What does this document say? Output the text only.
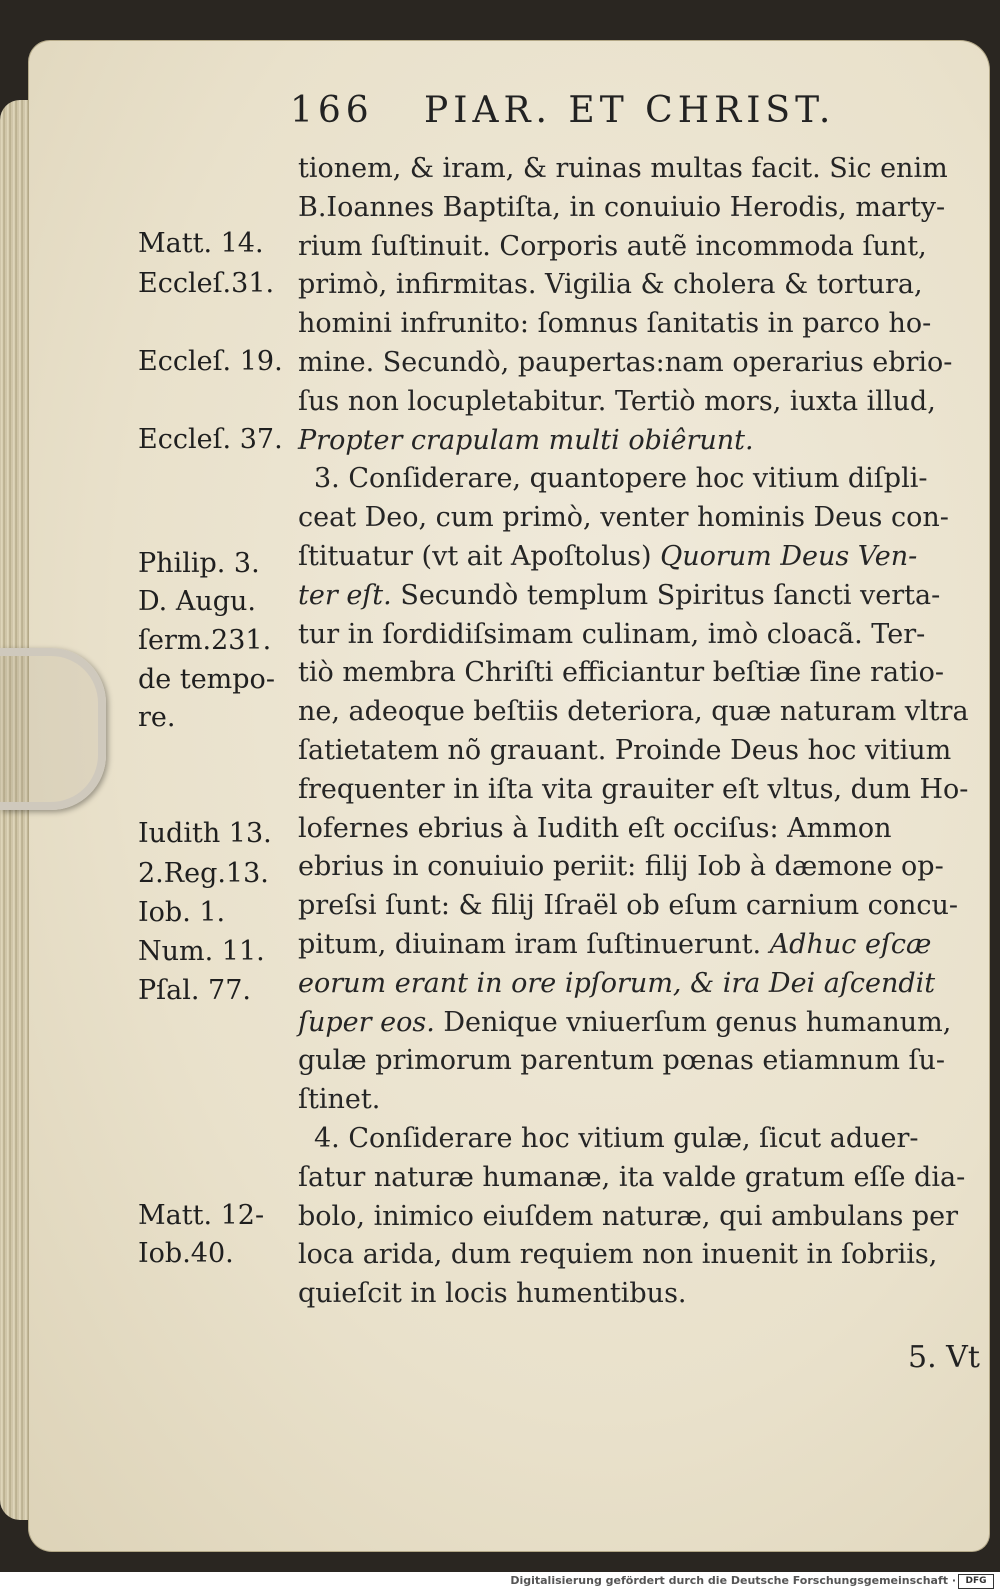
166 PIAR. ET CHRIST.
Matt. 14.
Eccleſ.31.
Eccleſ. 19.
Eccleſ. 37.
Philip. 3.
D. Augu.
ſerm.231.
de tempo-
re.
Iudith 13.
2.Reg.13.
Iob. 1.
Num. 11.
Pſal. 77.
Matt. 12-
Iob.40.
tionem, & iram, & ruinas multas facit. Sic enim
B.Ioannes Baptiſta, in conuiuio Herodis, marty-
rium ſuſtinuit. Corporis autẽ incommoda ſunt,
primò, infirmitas. Vigilia & cholera & tortura,
homini infrunito: ſomnus ſanitatis in parco ho-
mine. Secundò, paupertas:nam operarius ebrio-
ſus non locupletabitur. Tertiò mors, iuxta illud,
Propter crapulam multi obiêrunt.
3. Conſiderare, quantopere hoc vitium diſpli-
ceat Deo, cum primò, venter hominis Deus con-
ſtituatur (vt ait Apoſtolus) Quorum Deus Ven-
ter eſt. Secundò templum Spiritus ſancti verta-
tur in ſordidiſsimam culinam, imò cloacã. Ter-
tiò membra Chriſti efficiantur beſtiæ ſine ratio-
ne, adeoque beſtiis deteriora, quæ naturam vltra
ſatietatem nõ grauant. Proinde Deus hoc vitium
frequenter in iſta vita grauiter eſt vltus, dum Ho-
lofernes ebrius à Iudith eſt occiſus: Ammon
ebrius in conuiuio periit: filij Iob à dæmone op-
preſsi ſunt: & filij Iſraël ob eſum carnium concu-
pitum, diuinam iram ſuſtinuerunt. Adhuc eſcæ
eorum erant in ore ipſorum, & ira Dei aſcendit
ſuper eos. Denique vniuerſum genus humanum,
gulæ primorum parentum pœnas etiamnum ſu-
ſtinet.
4. Conſiderare hoc vitium gulæ, ſicut aduer-
ſatur naturæ humanæ, ita valde gratum eſſe dia-
bolo, inimico eiuſdem naturæ, qui ambulans per
loca arida, dum requiem non inuenit in ſobriis,
quieſcit in locis humentibus.
5. Vt
Digitalisierung gefördert durch die Deutsche Forschungsgemeinschaft ·	DFG
